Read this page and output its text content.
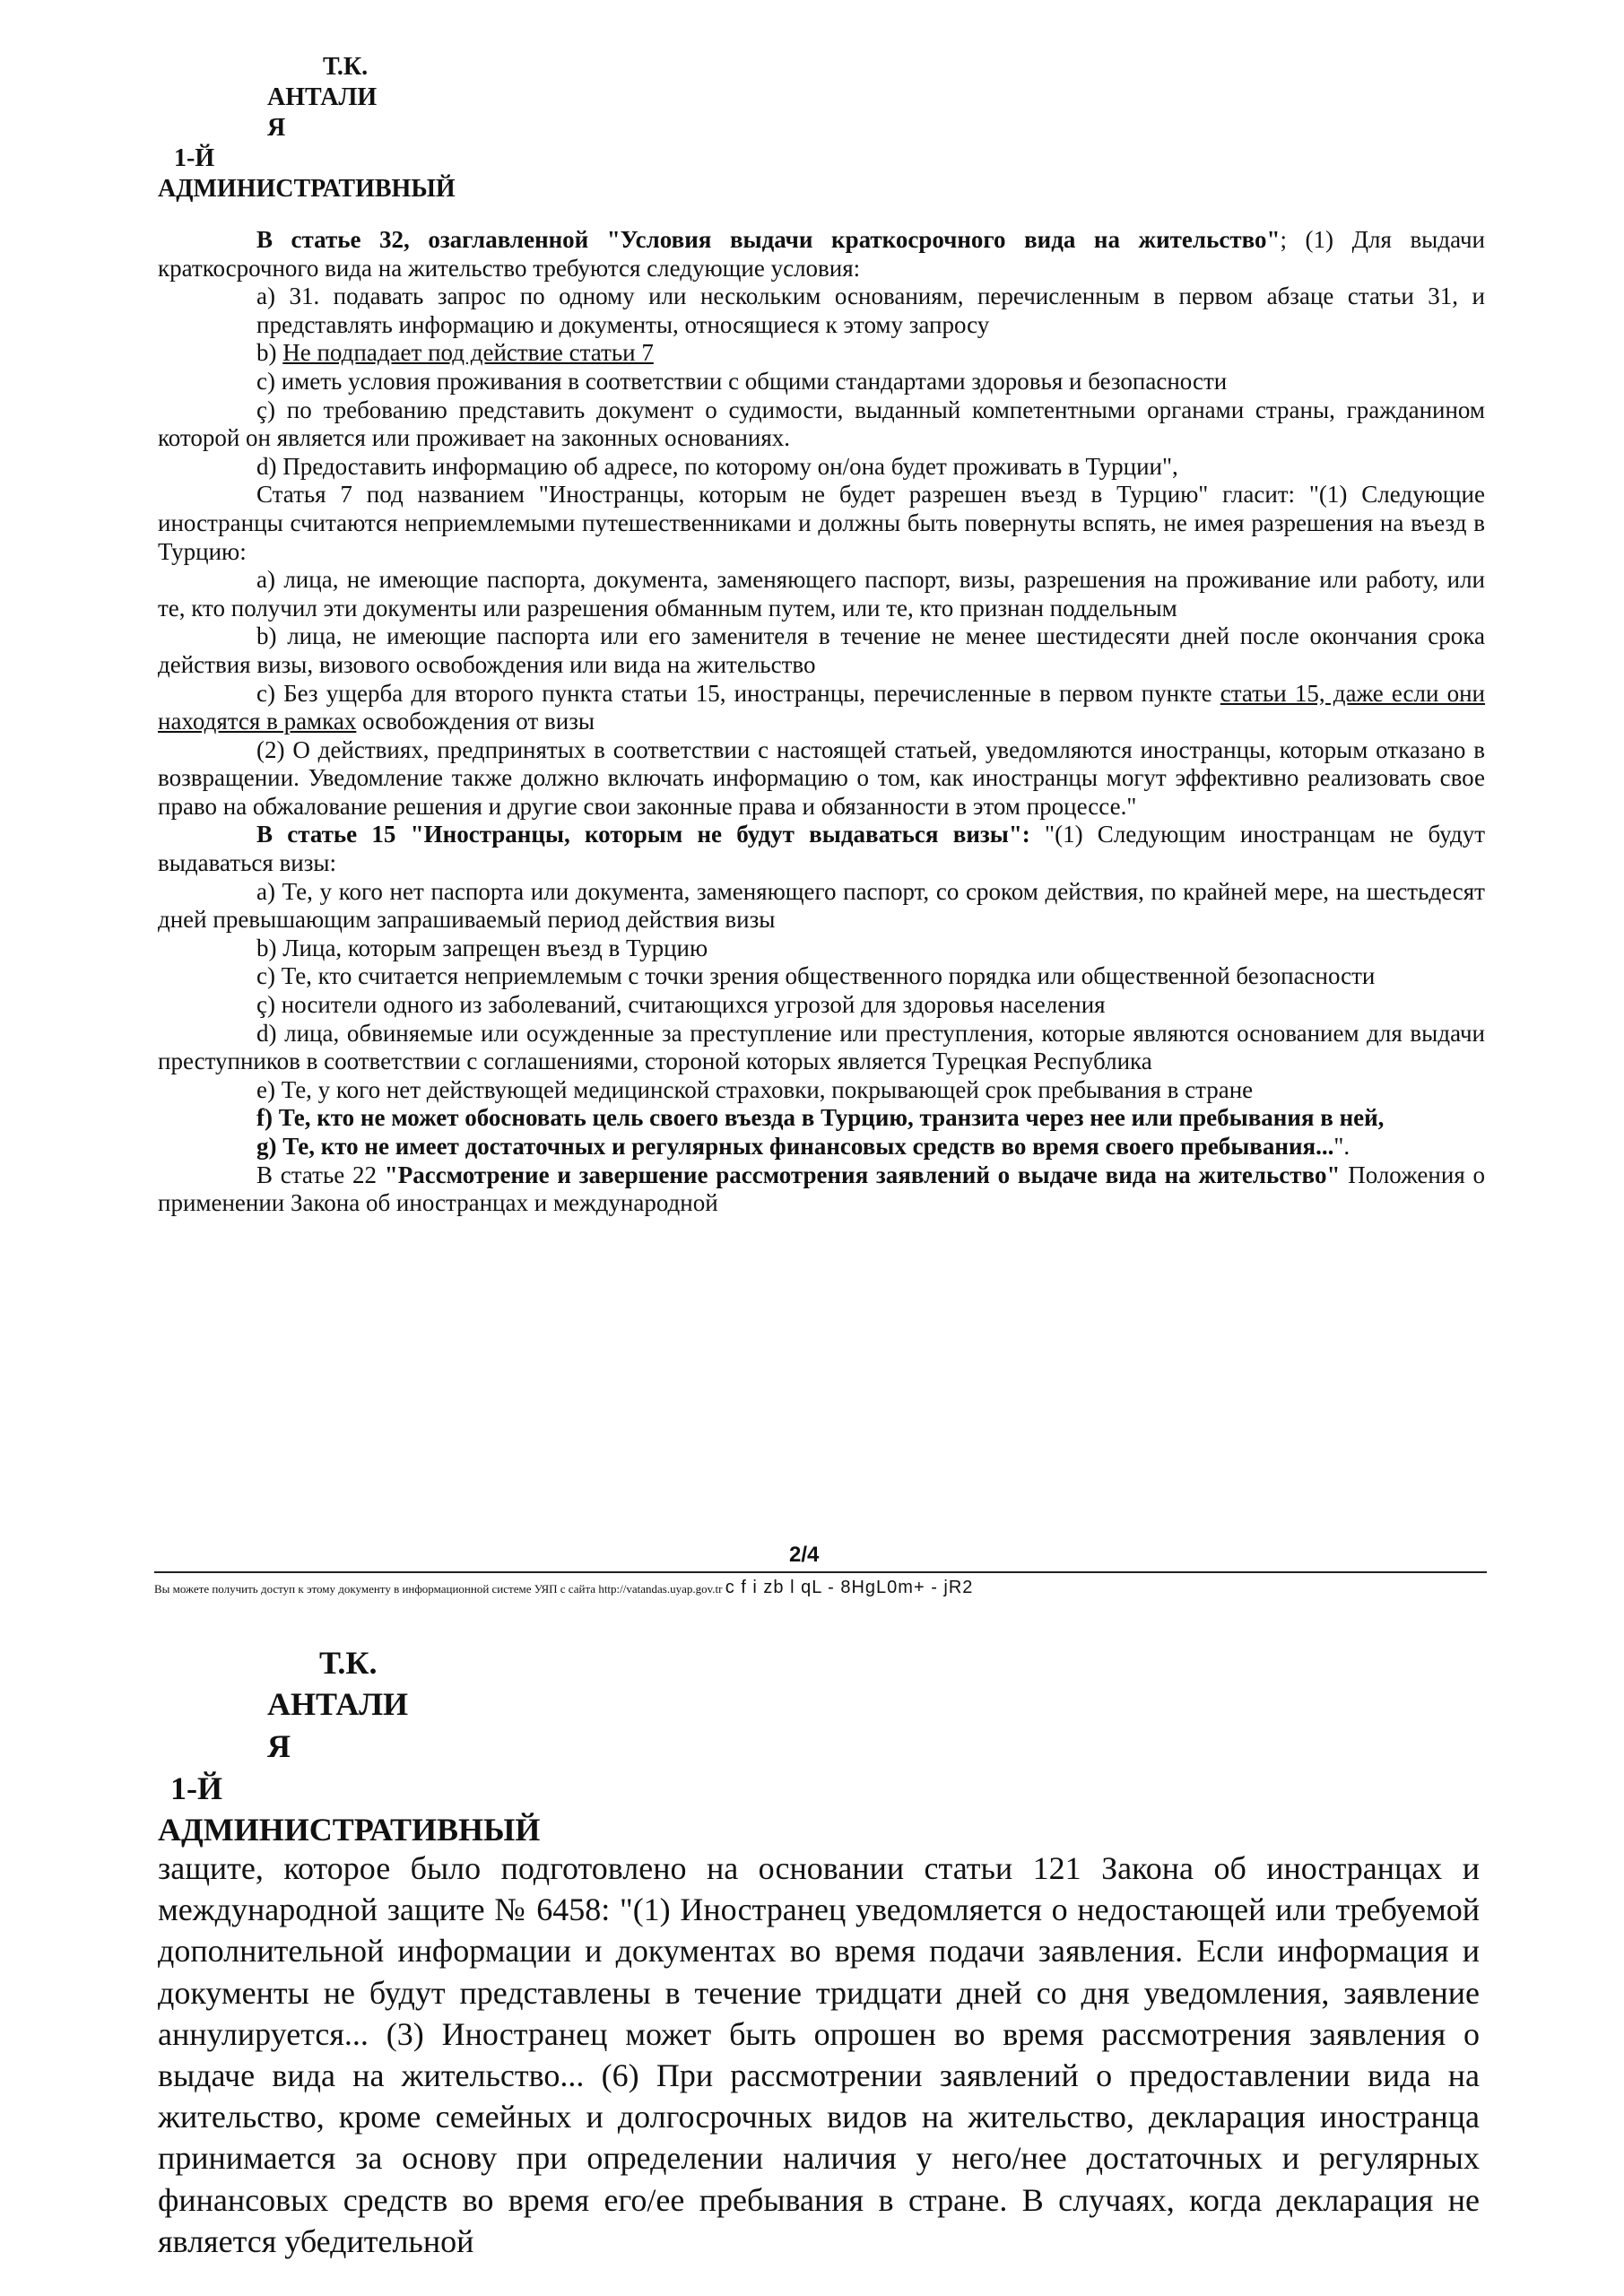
Т.К.
АНТАЛИ
Я
1-Й
АДМИНИСТРАТИВНЫЙ

В статье 32, озаглавленной "Условия выдачи краткосрочного вида на жительство"; (1) Для выдачи краткосрочного вида на жительство требуются следующие условия:

a) 31. подавать запрос по одному или нескольким основаниям, перечисленным в первом абзаце статьи 31, и представлять информацию и документы, относящиеся к этому запросу

b) Не подпадает под действие статьи 7

c) иметь условия проживания в соответствии с общими стандартами здоровья и безопасности

ç) по требованию представить документ о судимости, выданный компетентными органами страны, гражданином которой он является или проживает на законных основаниях.

d) Предоставить информацию об адресе, по которому он/она будет проживать в Турции",

Статья 7 под названием "Иностранцы, которым не будет разрешен въезд в Турцию" гласит: "(1) Следующие иностранцы считаются неприемлемыми путешественниками и должны быть повернуты вспять, не имея разрешения на въезд в Турцию:

a) лица, не имеющие паспорта, документа, заменяющего паспорт, визы, разрешения на проживание или работу, или те, кто получил эти документы или разрешения обманным путем, или те, кто признан поддельным

b) лица, не имеющие паспорта или его заменителя в течение не менее шестидесяти дней после окончания срока действия визы, визового освобождения или вида на жительство

c) Без ущерба для второго пункта статьи 15, иностранцы, перечисленные в первом пункте статьи 15, даже если они находятся в рамках освобождения от визы

(2) О действиях, предпринятых в соответствии с настоящей статьей, уведомляются иностранцы, которым отказано в возвращении. Уведомление также должно включать информацию о том, как иностранцы могут эффективно реализовать свое право на обжалование решения и другие свои законные права и обязанности в этом процессе."

В статье 15 "Иностранцы, которым не будут выдаваться визы": "(1) Следующим иностранцам не будут выдаваться визы:

a) Те, у кого нет паспорта или документа, заменяющего паспорт, со сроком действия, по крайней мере, на шестьдесят дней превышающим запрашиваемый период действия визы

b) Лица, которым запрещен въезд в Турцию

c) Те, кто считается неприемлемым с точки зрения общественного порядка или общественной безопасности

ç) носители одного из заболеваний, считающихся угрозой для здоровья населения

d) лица, обвиняемые или осужденные за преступление или преступления, которые являются основанием для выдачи преступников в соответствии с соглашениями, стороной которых является Турецкая Республика

e) Те, у кого нет действующей медицинской страховки, покрывающей срок пребывания в стране

f) Те, кто не может обосновать цель своего въезда в Турцию, транзита через нее или пребывания в ней,

g) Те, кто не имеет достаточных и регулярных финансовых средств во время своего пребывания...".

В статье 22 "Рассмотрение и завершение рассмотрения заявлений о выдаче вида на жительство" Положения о применении Закона об иностранцах и международной

2/4
Вы можете получить доступ к этому документу в информационной системе УЯП с сайта http://vatandas.uyap.gov.tr c f i zb l qL - 8HgL0m+ - jR2
Т.К.
АНТАЛИ
Я
1-Й
АДМИНИСТРАТИВНЫЙ

защите, которое было подготовлено на основании статьи 121 Закона об иностранцах и международной защите № 6458: "(1) Иностранец уведомляется о недостающей или требуемой дополнительной информации и документах во время подачи заявления. Если информация и документы не будут представлены в течение тридцати дней со дня уведомления, заявление аннулируется... (3) Иностранец может быть опрошен во время рассмотрения заявления о выдаче вида на жительство... (6) При рассмотрении заявлений о предоставлении вида на жительство, кроме семейных и долгосрочных видов на жительство, декларация иностранца принимается за основу при определении наличия у него/нее достаточных и регулярных финансовых средств во время его/ее пребывания в стране. В случаях, когда декларация не является убедительной
